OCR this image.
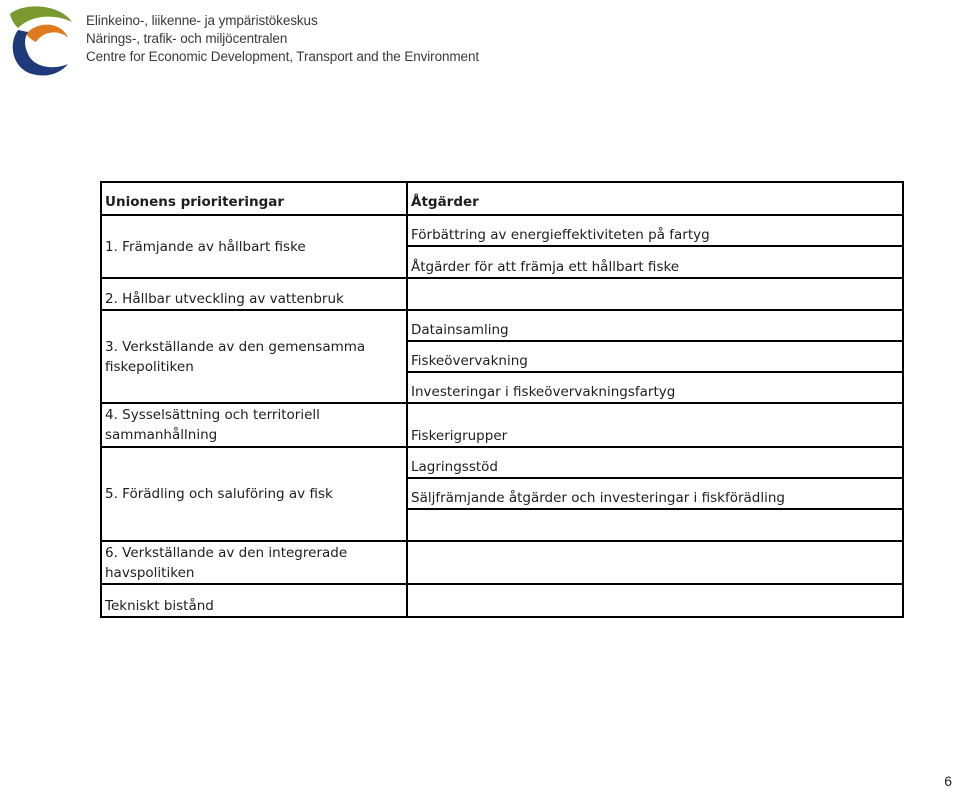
Elinkeino-, liikenne- ja ympäristökeskus
Närings-, trafik- och miljöcentralen
Centre for Economic Development, Transport and the Environment
Unionens prioriteringar	Åtgärder
1. Främjande av hållbart fiske	Förbättring av energieffektiviteten på fartyg
	Åtgärder för att främja ett hållbart fiske
2. Hållbar utveckling av vattenbruk	
3. Verkställande av den gemensamma fiskepolitiken	Datainsamling
	Fiskeövervakning
	Investeringar i fiskeövervakningsfartyg
4. Sysselsättning och territoriell sammanhållning	Fiskerigrupper
5. Förädling och saluföring av fisk	Lagringsstöd
	Säljfrämjande åtgärder och investeringar i fiskförädling

6. Verkställande av den integrerade havspolitiken	
Tekniskt bistånd	
6
